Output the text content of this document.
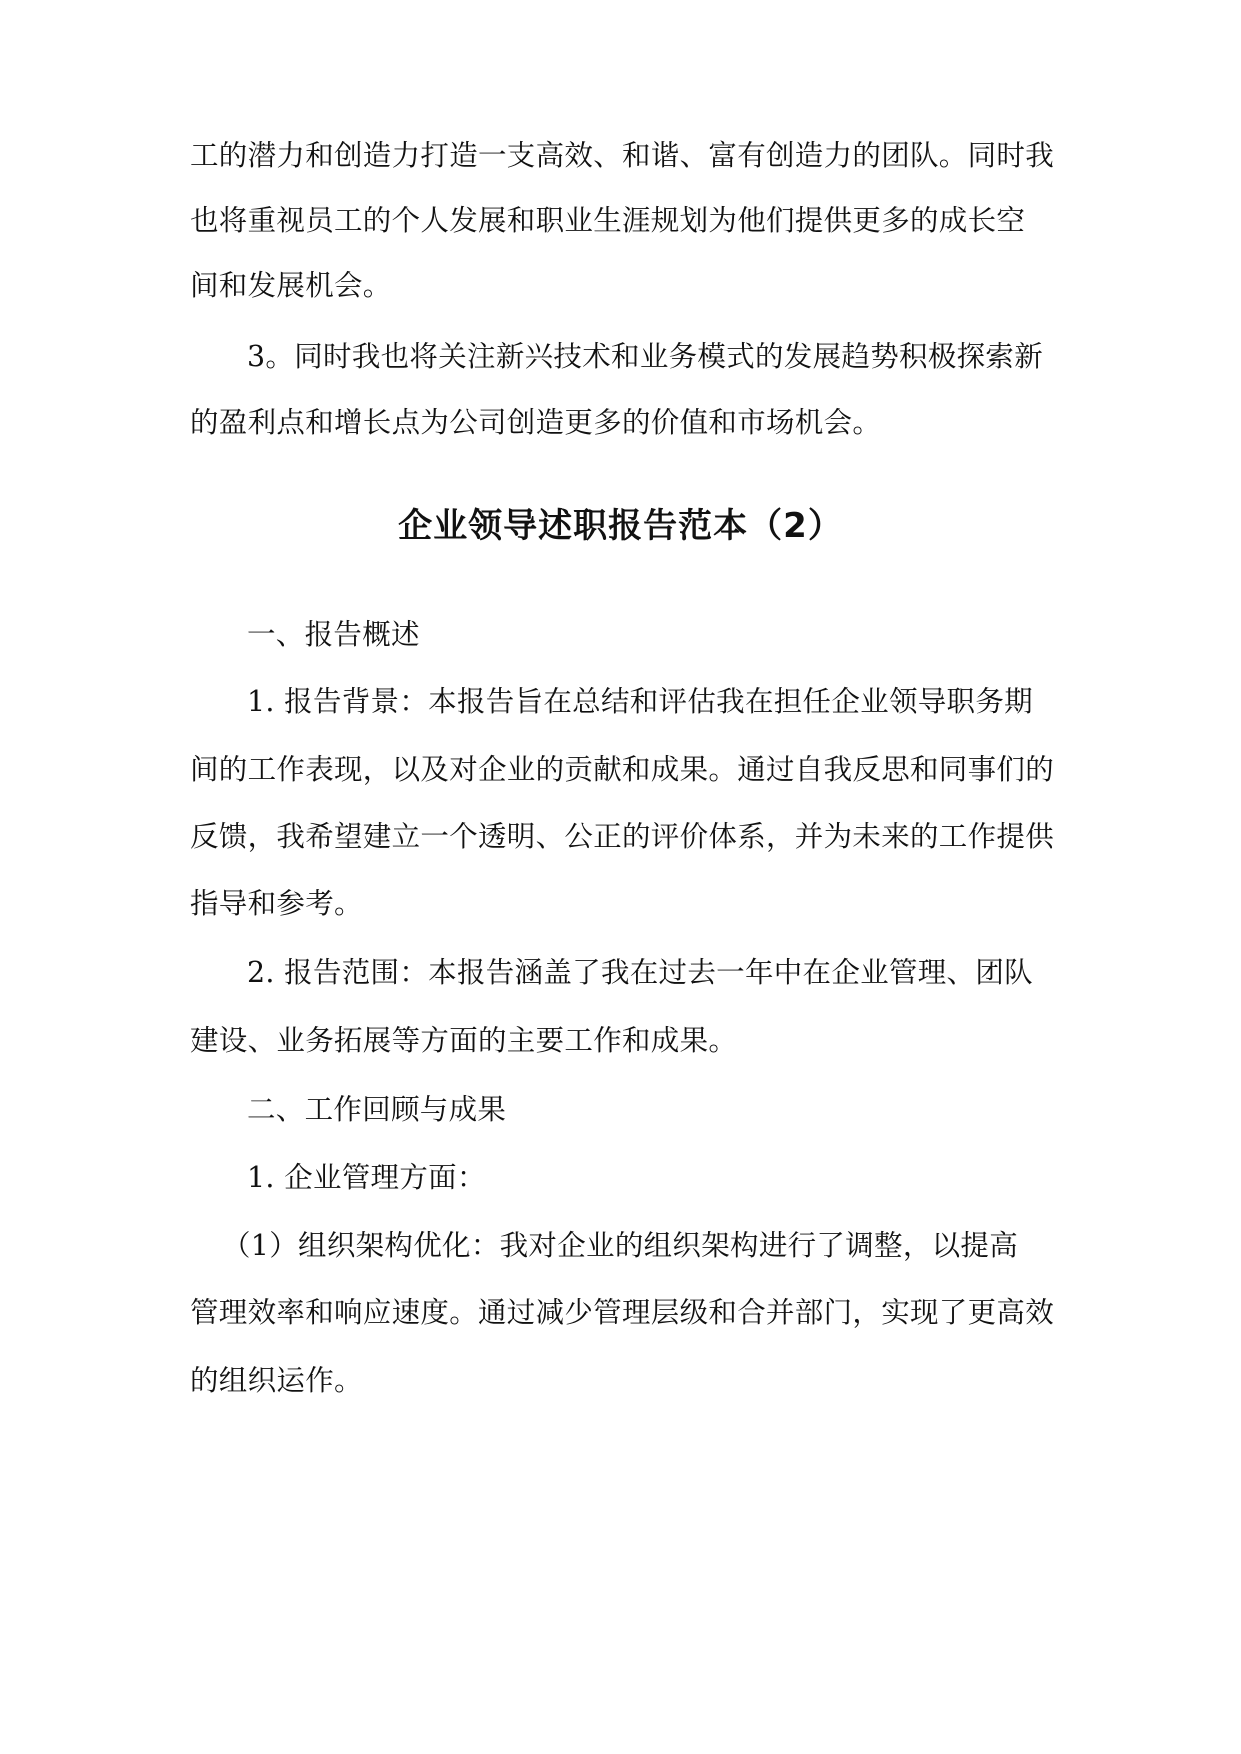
工的潜力和创造力打造一支高效、和谐、富有创造力的团队。同时我
也将重视员工的个人发展和职业生涯规划为他们提供更多的成长空
间和发展机会。
3。同时我也将关注新兴技术和业务模式的发展趋势积极探索新
的盈利点和增长点为公司创造更多的价值和市场机会。
企业领导述职报告范本（2）
一、报告概述
1. 报告背景：本报告旨在总结和评估我在担任企业领导职务期
间的工作表现，以及对企业的贡献和成果。通过自我反思和同事们的
反馈，我希望建立一个透明、公正的评价体系，并为未来的工作提供
指导和参考。
2. 报告范围：本报告涵盖了我在过去一年中在企业管理、团队
建设、业务拓展等方面的主要工作和成果。
二、工作回顾与成果
1. 企业管理方面：
（1）组织架构优化：我对企业的组织架构进行了调整，以提高
管理效率和响应速度。通过减少管理层级和合并部门，实现了更高效
的组织运作。
